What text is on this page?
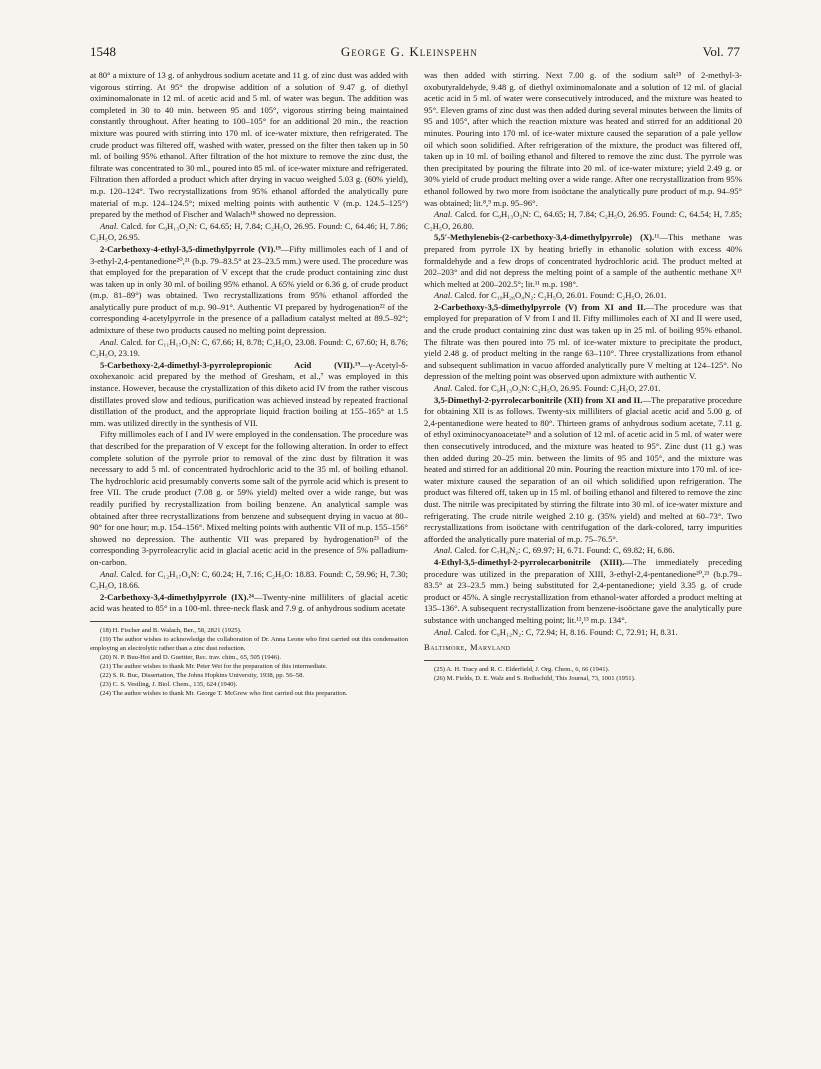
1548	George G. Kleinspehn	Vol. 77

at 80° a mixture of 13 g. of anhydrous sodium acetate and 11 g. of zinc dust was added with vigorous stirring. At 95° the dropwise addition of a solution of 9.47 g. of diethyl oximinomalonate in 12 ml. of acetic acid and 5 ml. of water was begun. The addition was completed in 30 to 40 min. between 95 and 105°, vigorous stirring being maintained constantly throughout. After heating to 100–105° for an additional 20 min., the reaction mixture was poured with stirring into 170 ml. of ice-water mixture, then refrigerated. The crude product was filtered off, washed with water, pressed on the filter then taken up in 50 ml. of boiling 95% ethanol. After filtration of the hot mixture to remove the zinc dust, the filtrate was concentrated to 30 ml., poured into 85 ml. of ice-water mixture and refrigerated. Filtration then afforded a product which after drying in vacuo weighed 5.03 g. (60% yield), m.p. 120–124°. Two recrystallizations from 95% ethanol afforded the analytically pure material of m.p. 124–124.5°; mixed melting points with authentic V (m.p. 124.5–125°) prepared by the method of Fischer and Walach¹⁸ showed no depression.

Anal. Calcd. for C₉H₁₃O₂N: C, 64.65; H, 7.84; C₂H₅O, 26.95. Found: C, 64.46; H, 7.86; C₂H₅O, 26.95.

2-Carbethoxy-4-ethyl-3,5-dimethylpyrrole (VI).¹⁹—Fifty millimoles each of I and of 3-ethyl-2,4-pentanedione²⁰,²¹ (b.p. 79–83.5° at 23–23.5 mm.) were used. The procedure was that employed for the preparation of V except that the crude product containing zinc dust was taken up in only 30 ml. of boiling 95% ethanol. A 65% yield or 6.36 g. of crude product (m.p. 81–89°) was obtained. Two recrystallizations from 95% ethanol afforded the analytically pure product of m.p. 90–91°. Authentic VI prepared by hydrogenation²² of the corresponding 4-acetylpyrrole in the presence of a palladium catalyst melted at 89.5–92°; admixture of these two products caused no melting point depression.

Anal. Calcd. for C₁₁H₁₇O₂N: C, 67.66; H, 8.78; C₂H₅O, 23.08. Found: C, 67.60; H, 8.76; C₂H₅O, 23.19.

5-Carbethoxy-2,4-dimethyl-3-pyrrolepropionic Acid (VII).¹⁹—γ-Acetyl-δ-oxohexanoic acid prepared by the method of Gresham, et al.,⁷ was employed in this instance. However, because the crystallization of this diketo acid IV from the rather viscous distillates proved slow and tedious, purification was achieved instead by repeated fractional distillation of the product, and the appropriate liquid fraction boiling at 155–165° at 1.5 mm. was utilized directly in the synthesis of VII.

Fifty millimoles each of I and IV were employed in the condensation. The procedure was that described for the preparation of V except for the following alteration. In order to effect complete solution of the pyrrole prior to removal of the zinc dust by filtration it was necessary to add 5 ml. of concentrated hydrochloric acid to the 35 ml. of boiling ethanol. The hydrochloric acid presumably converts some salt of the pyrrole acid which is present to free VII. The crude product (7.08 g. or 59% yield) melted over a wide range, but was readily purified by recrystallization from boiling benzene. An analytical sample was obtained after three recrystallizations from benzene and subsequent drying in vacuo at 80–90° for one hour; m.p. 154–156°. Mixed melting points with authentic VII of m.p. 155–156° showed no depression. The authentic VII was prepared by hydrogenation²³ of the corresponding 3-pyrroleacrylic acid in glacial acetic acid in the presence of 5% palladium-on-carbon.

Anal. Calcd. for C₁₂H₁₇O₄N: C, 60.24; H, 7.16; C₂H₅O: 18.83. Found: C, 59.96; H, 7.30; C₂H₅O, 18.66.

2-Carbethoxy-3,4-dimethylpyrrole (IX).²⁴—Twenty-nine milliliters of glacial acetic acid was heated to 85° in a 100-ml. three-neck flask and 7.9 g. of anhydrous sodium acetate

(18) H. Fischer and B. Walach, Ber., 58, 2821 (1925).

(19) The author wishes to acknowledge the collaboration of Dr. Anna Leone who first carried out this condensation employing an electrolytic rather than a zinc dust reduction.

(20) N. P. Buu-Hoi and D. Guettier, Rec. trav. chim., 65, 505 (1946).

(21) The author wishes to thank Mr. Peter Wei for the preparation of this intermediate.

(22) S. R. Buc, Dissertation, The Johns Hopkins University, 1938, pp. 56–58.

(23) C. S. Vestling, J. Biol. Chem., 135, 624 (1940).

(24) The author wishes to thank Mr. George T. McGrew who first carried out this preparation.

was then added with stirring. Next 7.00 g. of the sodium salt²⁵ of 2-methyl-3-oxobutyraldehyde, 9.48 g. of diethyl oximinomalonate and a solution of 12 ml. of glacial acetic acid in 5 ml. of water were consecutively introduced, and the mixture was heated to 95°. Eleven grams of zinc dust was then added during several minutes between the limits of 95 and 105°, after which the reaction mixture was heated and stirred for an additional 20 minutes. Pouring into 170 ml. of ice-water mixture caused the separation of a pale yellow oil which soon solidified. After refrigeration of the mixture, the product was filtered off, taken up in 10 ml. of boiling ethanol and filtered to remove the zinc dust. The pyrrole was then precipitated by pouring the filtrate into 20 ml. of ice-water mixture; yield 2.49 g. or 30% yield of crude product melting over a wide range. After one recrystallization from 95% ethanol followed by two more from isoöctane the analytically pure product of m.p. 94–95° was obtained; lit.⁸,⁹ m.p. 95–96°.

Anal. Calcd. for C₉H₁₃O₂N: C, 64.65; H, 7.84; C₂H₅O, 26.95. Found: C, 64.54; H, 7.85; C₂H₅O, 26.80.

5,5′-Methylenebis-(2-carbethoxy-3,4-dimethylpyrrole) (X).¹¹—This methane was prepared from pyrrole IX by heating briefly in ethanolic solution with excess 40% formaldehyde and a few drops of concentrated hydrochloric acid. The product melted at 202–203° and did not depress the melting point of a sample of the authentic methane X¹¹ which melted at 200–202.5°; lit.¹¹ m.p. 198°.

Anal. Calcd. for C₁₉H₂₆O₄N₂: C₂H₅O, 26.01. Found: C₂H₅O, 26.01.

2-Carbethoxy-3,5-dimethylpyrrole (V) from XI and II.—The procedure was that employed for preparation of V from I and II. Fifty millimoles each of XI and II were used, and the crude product containing zinc dust was taken up in 25 ml. of boiling 95% ethanol. The filtrate was then poured into 75 ml. of ice-water mixture to precipitate the product, yield 2.48 g. of product melting in the range 63–110°. Three crystallizations from ethanol and subsequent sublimation in vacuo afforded analytically pure V melting at 124–125°. No depression of the melting point was observed upon admixture with authentic V.

Anal. Calcd. for C₉H₁₃O₂N: C₂H₅O, 26.95. Found: C₂H₅O, 27.01.

3,5-Dimethyl-2-pyrrolecarbonitrile (XII) from XI and II.—The preparative procedure for obtaining XII is as follows. Twenty-six milliliters of glacial acetic acid and 5.00 g. of 2,4-pentanedione were heated to 80°. Thirteen grams of anhydrous sodium acetate, 7.11 g. of ethyl oximinocyanoacetate²⁶ and a solution of 12 ml. of acetic acid in 5 ml. of water were then consecutively introduced, and the mixture was heated to 95°. Zinc dust (11 g.) was then added during 20–25 min. between the limits of 95 and 105°, and the mixture was heated and stirred for an additional 20 min. Pouring the reaction mixture into 170 ml. of ice-water mixture caused the separation of an oil which solidified upon refrigeration. The product was filtered off, taken up in 15 ml. of boiling ethanol and filtered to remove the zinc dust. The nitrile was precipitated by stirring the filtrate into 30 ml. of ice-water mixture and refrigerating. The crude nitrile weighed 2.10 g. (35% yield) and melted at 60–73°. Two recrystallizations from isoöctane with centrifugation of the dark-colored, tarry impurities afforded the analytically pure material of m.p. 75–76.5°.

Anal. Calcd. for C₇H₈N₂: C, 69.97; H, 6.71. Found: C, 69.82; H, 6.86.

4-Ethyl-3,5-dimethyl-2-pyrrolecarbonitrile (XIII).—The immediately preceding procedure was utilized in the preparation of XIII, 3-ethyl-2,4-pentanedione²⁰,²¹ (b.p.79–83.5° at 23–23.5 mm.) being substituted for 2,4-pentanedione; yield 3.35 g. of crude product or 45%. A single recrystallization from ethanol-water afforded a product melting at 135–136°. A subsequent recrystallization from benzene-isoöctane gave the analytically pure substance with unchanged melting point; lit.¹²,¹³ m.p. 134°.

Anal. Calcd. for C₉H₁₂N₂: C, 72.94; H, 8.16. Found: C, 72.91; H, 8.31.

Baltimore, Maryland

(25) A. H. Tracy and R. C. Elderfield, J. Org. Chem., 6, 66 (1941).

(26) M. Fields, D. E. Walz and S. Rothschild, This Journal, 73, 1001 (1951).
